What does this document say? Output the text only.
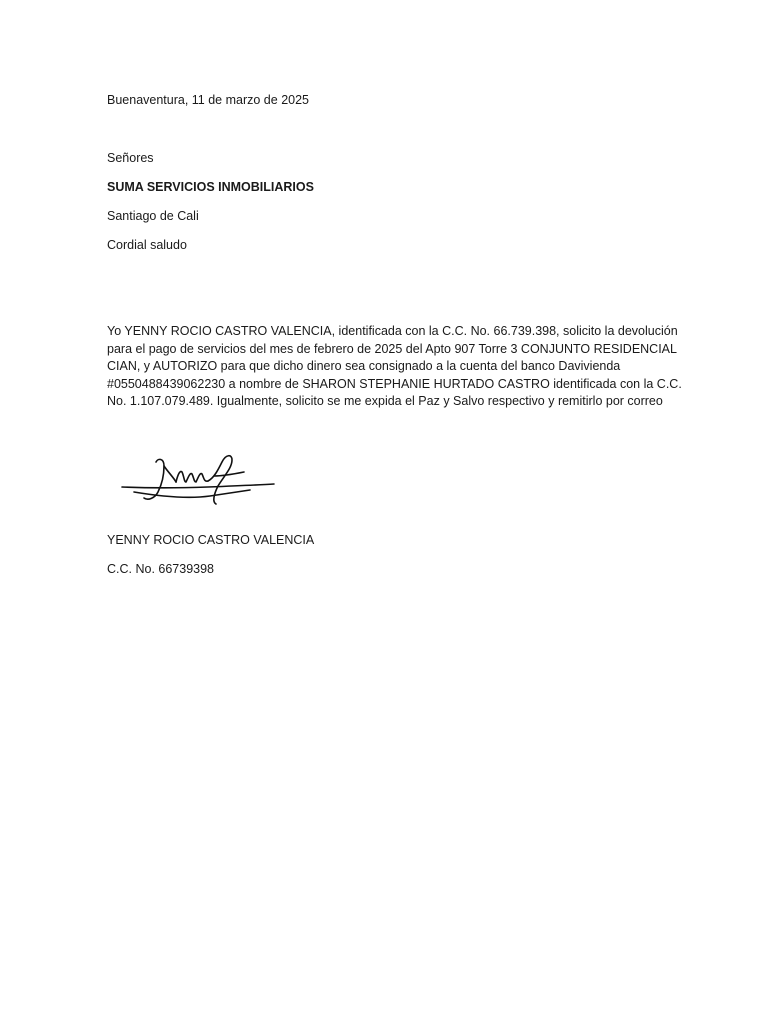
Buenaventura, 11 de marzo de 2025
Señores
SUMA SERVICIOS INMOBILIARIOS
Santiago de Cali
Cordial saludo
Yo YENNY ROCIO CASTRO VALENCIA, identificada con la C.C. No. 66.739.398, solicito la devolución
para el pago de servicios del mes de febrero de 2025 del Apto 907 Torre 3 CONJUNTO RESIDENCIAL
CIAN, y AUTORIZO para que dicho dinero sea consignado a la cuenta del banco Davivienda
#0550488439062230 a nombre de SHARON STEPHANIE HURTADO CASTRO identificada con la C.C.
No. 1.107.079.489. Igualmente, solicito se me expida el Paz y Salvo respectivo y remitirlo por correo
YENNY ROCIO CASTRO VALENCIA
C.C. No. 66739398
